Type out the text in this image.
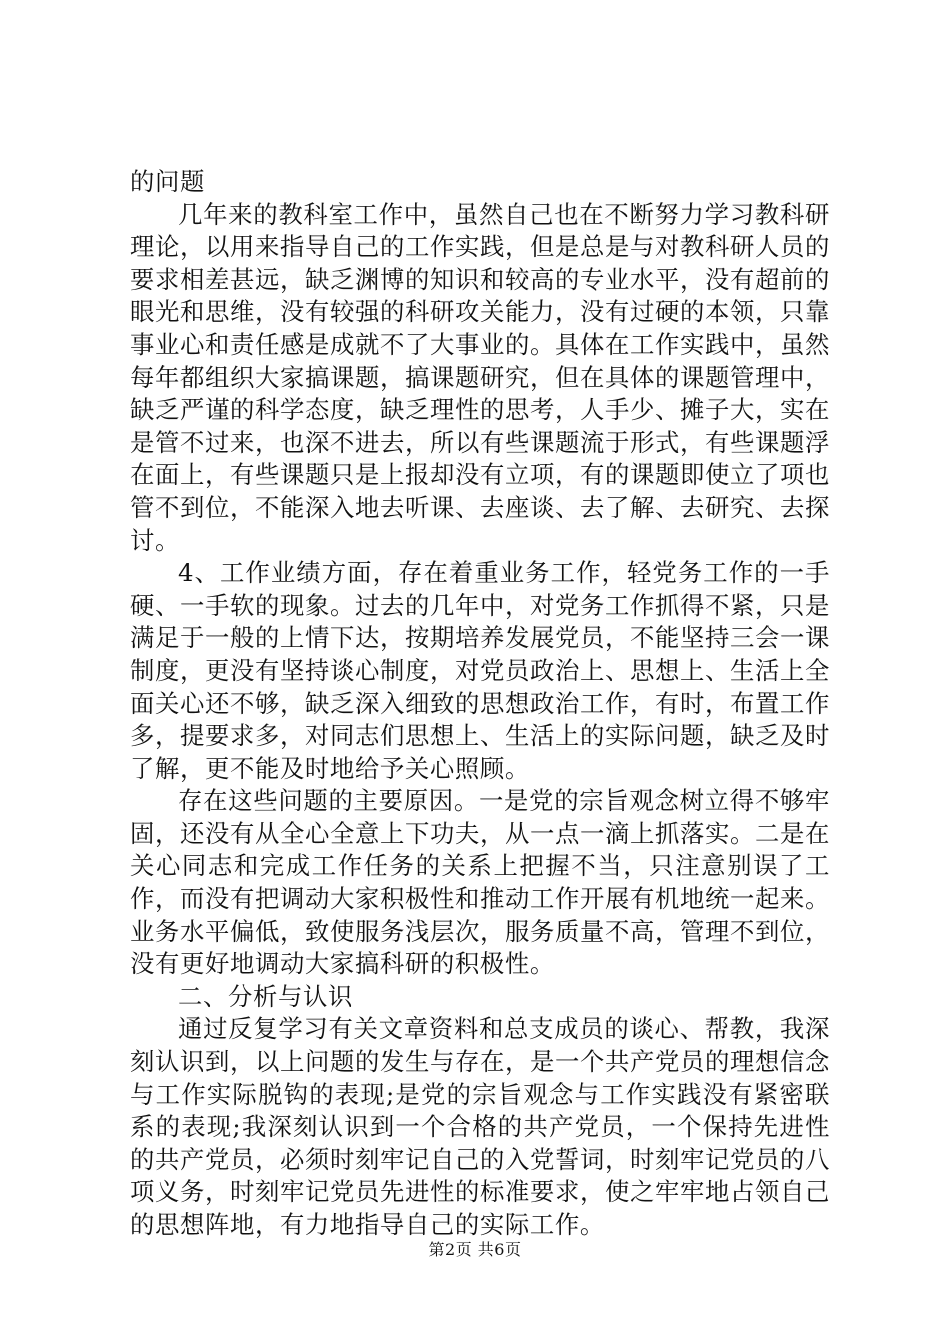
的问题

几年来的教科室工作中，虽然自己也在不断努力学习教科研理论，以用来指导自己的工作实践，但是总是与对教科研人员的要求相差甚远，缺乏渊博的知识和较高的专业水平，没有超前的眼光和思维，没有较强的科研攻关能力，没有过硬的本领，只靠事业心和责任感是成就不了大事业的。具体在工作实践中，虽然每年都组织大家搞课题，搞课题研究，但在具体的课题管理中，缺乏严谨的科学态度，缺乏理性的思考，人手少、摊子大，实在是管不过来，也深不进去，所以有些课题流于形式，有些课题浮在面上，有些课题只是上报却没有立项，有的课题即使立了项也管不到位，不能深入地去听课、去座谈、去了解、去研究、去探讨。

4、工作业绩方面，存在着重业务工作，轻党务工作的一手硬、一手软的现象。过去的几年中，对党务工作抓得不紧，只是满足于一般的上情下达，按期培养发展党员，不能坚持三会一课制度，更没有坚持谈心制度，对党员政治上、思想上、生活上全面关心还不够，缺乏深入细致的思想政治工作，有时，布置工作多，提要求多，对同志们思想上、生活上的实际问题，缺乏及时了解，更不能及时地给予关心照顾。

存在这些问题的主要原因。一是党的宗旨观念树立得不够牢固，还没有从全心全意上下功夫，从一点一滴上抓落实。二是在关心同志和完成工作任务的关系上把握不当，只注意别误了工作，而没有把调动大家积极性和推动工作开展有机地统一起来。业务水平偏低，致使服务浅层次，服务质量不高，管理不到位，没有更好地调动大家搞科研的积极性。

二、分析与认识

通过反复学习有关文章资料和总支成员的谈心、帮教，我深刻认识到，以上问题的发生与存在，是一个共产党员的理想信念与工作实际脱钩的表现;是党的宗旨观念与工作实践没有紧密联系的表现;我深刻认识到一个合格的共产党员，一个保持先进性的共产党员，必须时刻牢记自己的入党誓词，时刻牢记党员的八项义务，时刻牢记党员先进性的标准要求，使之牢牢地占领自己的思想阵地，有力地指导自己的实际工作。

第2页 共6页
